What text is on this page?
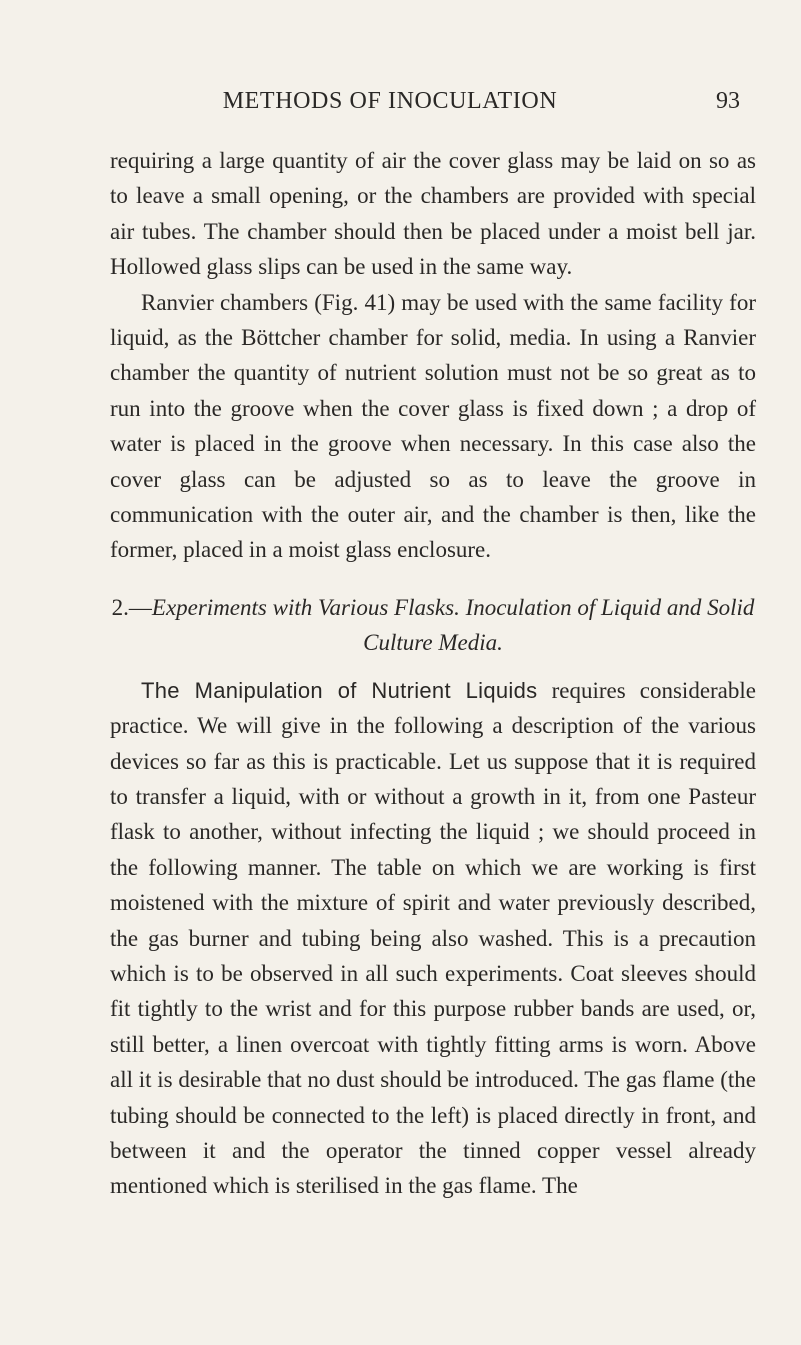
METHODS OF INOCULATION	93

requiring a large quantity of air the cover glass may be laid on so as to leave a small opening, or the chambers are provided with special air tubes. The chamber should then be placed under a moist bell jar. Hollowed glass slips can be used in the same way.

Ranvier chambers (Fig. 41) may be used with the same facility for liquid, as the Böttcher chamber for solid, media. In using a Ranvier chamber the quantity of nutrient solution must not be so great as to run into the groove when the cover glass is fixed down ; a drop of water is placed in the groove when necessary. In this case also the cover glass can be adjusted so as to leave the groove in communication with the outer air, and the chamber is then, like the former, placed in a moist glass enclosure.

2.—Experiments with Various Flasks. Inoculation of Liquid and Solid Culture Media.

The Manipulation of Nutrient Liquids requires considerable practice. We will give in the following a description of the various devices so far as this is practicable. Let us suppose that it is required to transfer a liquid, with or without a growth in it, from one Pasteur flask to another, without infecting the liquid ; we should proceed in the following manner. The table on which we are working is first moistened with the mixture of spirit and water previously described, the gas burner and tubing being also washed. This is a precaution which is to be observed in all such experiments. Coat sleeves should fit tightly to the wrist and for this purpose rubber bands are used, or, still better, a linen overcoat with tightly fitting arms is worn. Above all it is desirable that no dust should be introduced. The gas flame (the tubing should be connected to the left) is placed directly in front, and between it and the operator the tinned copper vessel already mentioned which is sterilised in the gas flame. The
